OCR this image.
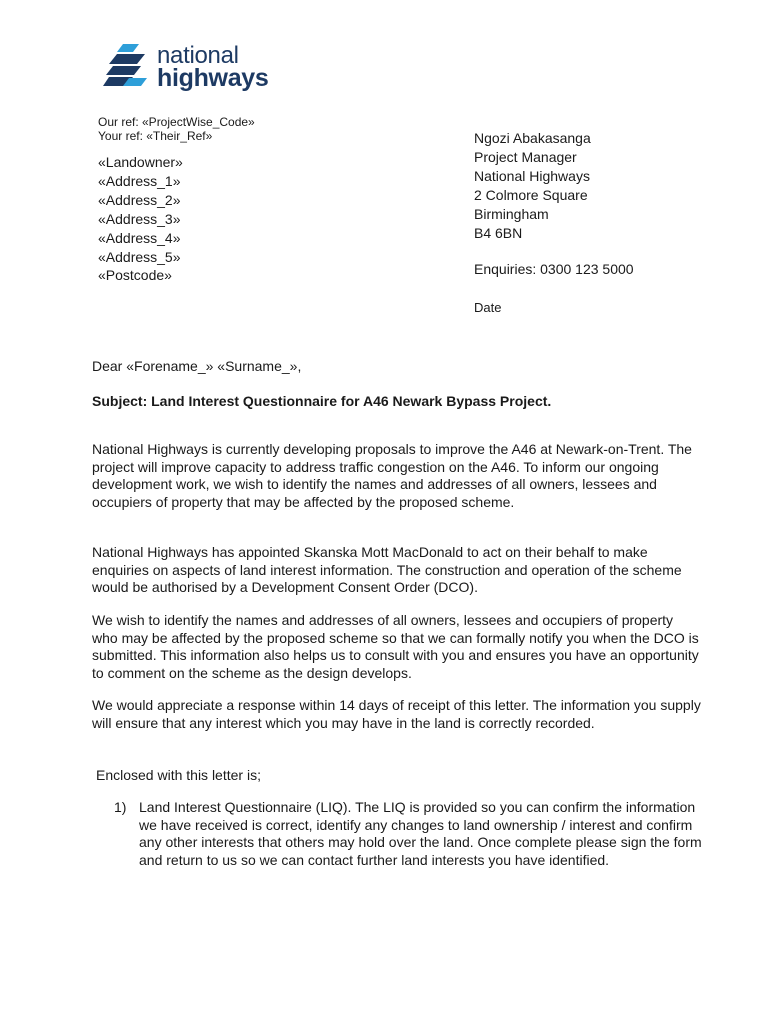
national
highways
Our ref: «ProjectWise_Code»
Your ref: «Their_Ref»
«Landowner»
«Address_1»
«Address_2»
«Address_3»
«Address_4»
«Address_5»
«Postcode»
Ngozi Abakasanga
Project Manager
National Highways
2 Colmore Square
Birmingham
B4 6BN
Enquiries: 0300 123 5000
Date
Dear «Forename_» «Surname_»,
Subject: Land Interest Questionnaire for A46 Newark Bypass Project.

National Highways is currently developing proposals to improve the A46 at Newark-on-Trent. The project will improve capacity to address traffic congestion on the A46. To inform our ongoing development work, we wish to identify the names and addresses of all owners, lessees and occupiers of property that may be affected by the proposed scheme.

National Highways has appointed Skanska Mott MacDonald to act on their behalf to make enquiries on aspects of land interest information. The construction and operation of the scheme would be authorised by a Development Consent Order (DCO).

We wish to identify the names and addresses of all owners, lessees and occupiers of property who may be affected by the proposed scheme so that we can formally notify you when the DCO is submitted. This information also helps us to consult with you and ensures you have an opportunity to comment on the scheme as the design develops.

We would appreciate a response within 14 days of receipt of this letter. The information you supply will ensure that any interest which you may have in the land is correctly recorded.

Enclosed with this letter is;

1) Land Interest Questionnaire (LIQ). The LIQ is provided so you can confirm the information we have received is correct, identify any changes to land ownership / interest and confirm any other interests that others may hold over the land. Once complete please sign the form and return to us so we can contact further land interests you have identified.
